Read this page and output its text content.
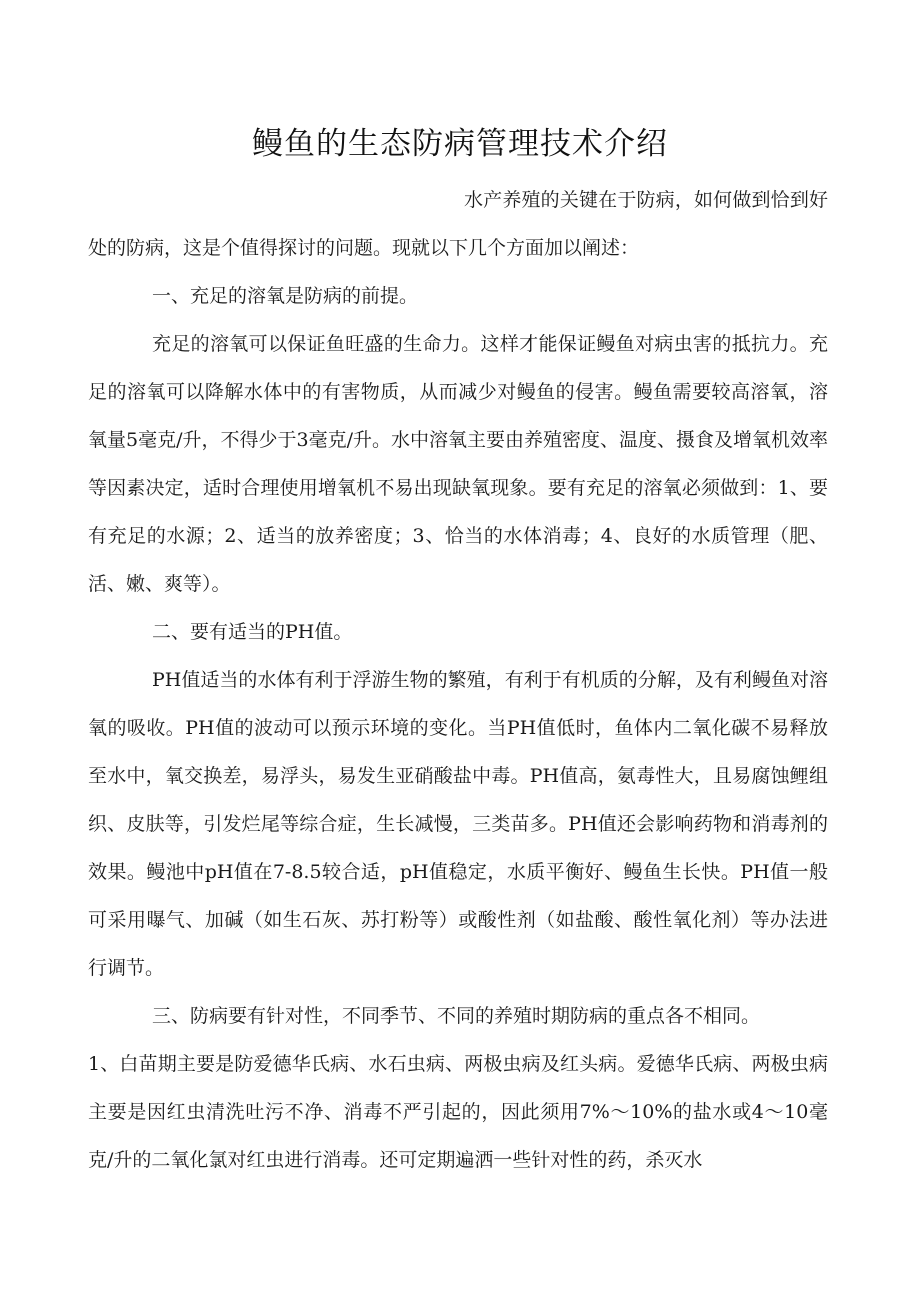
鳗鱼的生态防病管理技术介绍

水产养殖的关键在于防病，如何做到恰到好处的防病，这是个值得探讨的问题。现就以下几个方面加以阐述：

一、充足的溶氧是防病的前提。

充足的溶氧可以保证鱼旺盛的生命力。这样才能保证鳗鱼对病虫害的抵抗力。充足的溶氧可以降解水体中的有害物质，从而减少对鳗鱼的侵害。鳗鱼需要较高溶氧，溶氧量5毫克/升，不得少于3毫克/升。水中溶氧主要由养殖密度、温度、摄食及增氧机效率等因素决定，适时合理使用增氧机不易出现缺氧现象。要有充足的溶氧必须做到：1、要有充足的水源；2、适当的放养密度；3、恰当的水体消毒；4、良好的水质管理（肥、活、嫩、爽等）。

二、要有适当的PH值。

PH值适当的水体有利于浮游生物的繁殖，有利于有机质的分解，及有利鳗鱼对溶氧的吸收。PH值的波动可以预示环境的变化。当PH值低时，鱼体内二氧化碳不易释放至水中，氧交换差，易浮头，易发生亚硝酸盐中毒。PH值高，氨毒性大，且易腐蚀鲤组织、皮肤等，引发烂尾等综合症，生长减慢，三类苗多。PH值还会影响药物和消毒剂的效果。鳗池中pH值在7-8.5较合适，pH值稳定，水质平衡好、鳗鱼生长快。PH值一般可采用曝气、加碱（如生石灰、苏打粉等）或酸性剂（如盐酸、酸性氧化剂）等办法进行调节。

三、防病要有针对性，不同季节、不同的养殖时期防病的重点各不相同。

1、白苗期主要是防爱德华氏病、水石虫病、两极虫病及红头病。爱德华氏病、两极虫病主要是因红虫清洗吐污不净、消毒不严引起的，因此须用7%～10%的盐水或4～10毫克/升的二氧化氯对红虫进行消毒。还可定期遍洒一些针对性的药，杀灭水
